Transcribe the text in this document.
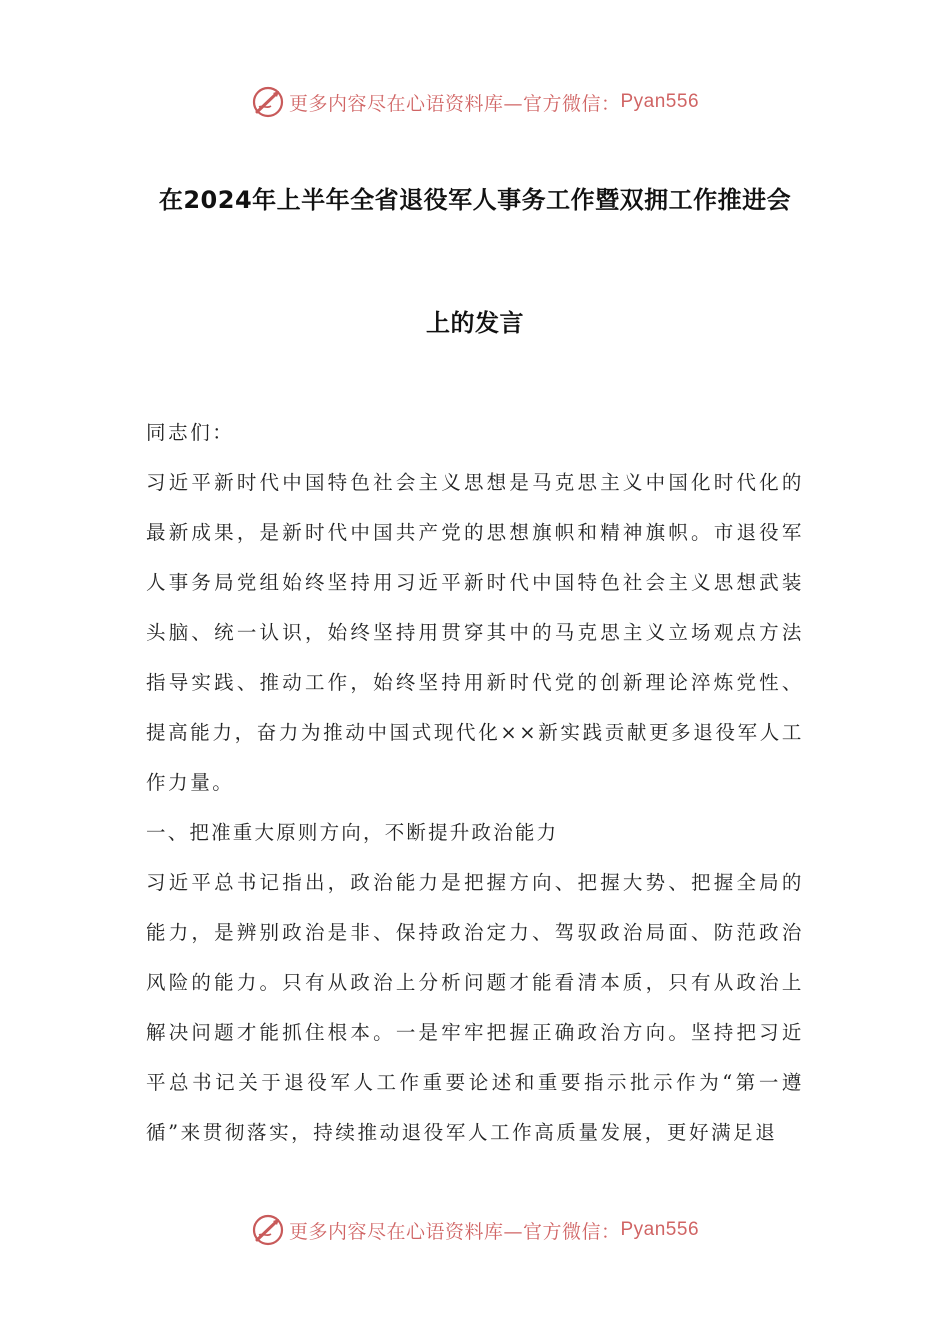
更多内容尽在心语资料库—官方微信： Pyan556
在2024年上半年全省退役军人事务工作暨双拥工作推进会
上的发言

同志们：

习近平新时代中国特色社会主义思想是马克思主义中国化时代化的最新成果，是新时代中国共产党的思想旗帜和精神旗帜。市退役军人事务局党组始终坚持用习近平新时代中国特色社会主义思想武装头脑、统一认识，始终坚持用贯穿其中的马克思主义立场观点方法指导实践、推动工作，始终坚持用新时代党的创新理论淬炼党性、提高能力，奋力为推动中国式现代化××新实践贡献更多退役军人工作力量。

一、把准重大原则方向，不断提升政治能力

习近平总书记指出，政治能力是把握方向、把握大势、把握全局的能力，是辨别政治是非、保持政治定力、驾驭政治局面、防范政治风险的能力。只有从政治上分析问题才能看清本质，只有从政治上解决问题才能抓住根本。一是牢牢把握正确政治方向。坚持把习近平总书记关于退役军人工作重要论述和重要指示批示作为“第一遵循”来贯彻落实，持续推动退役军人工作高质量发展，更好满足退

更多内容尽在心语资料库—官方微信： Pyan556
